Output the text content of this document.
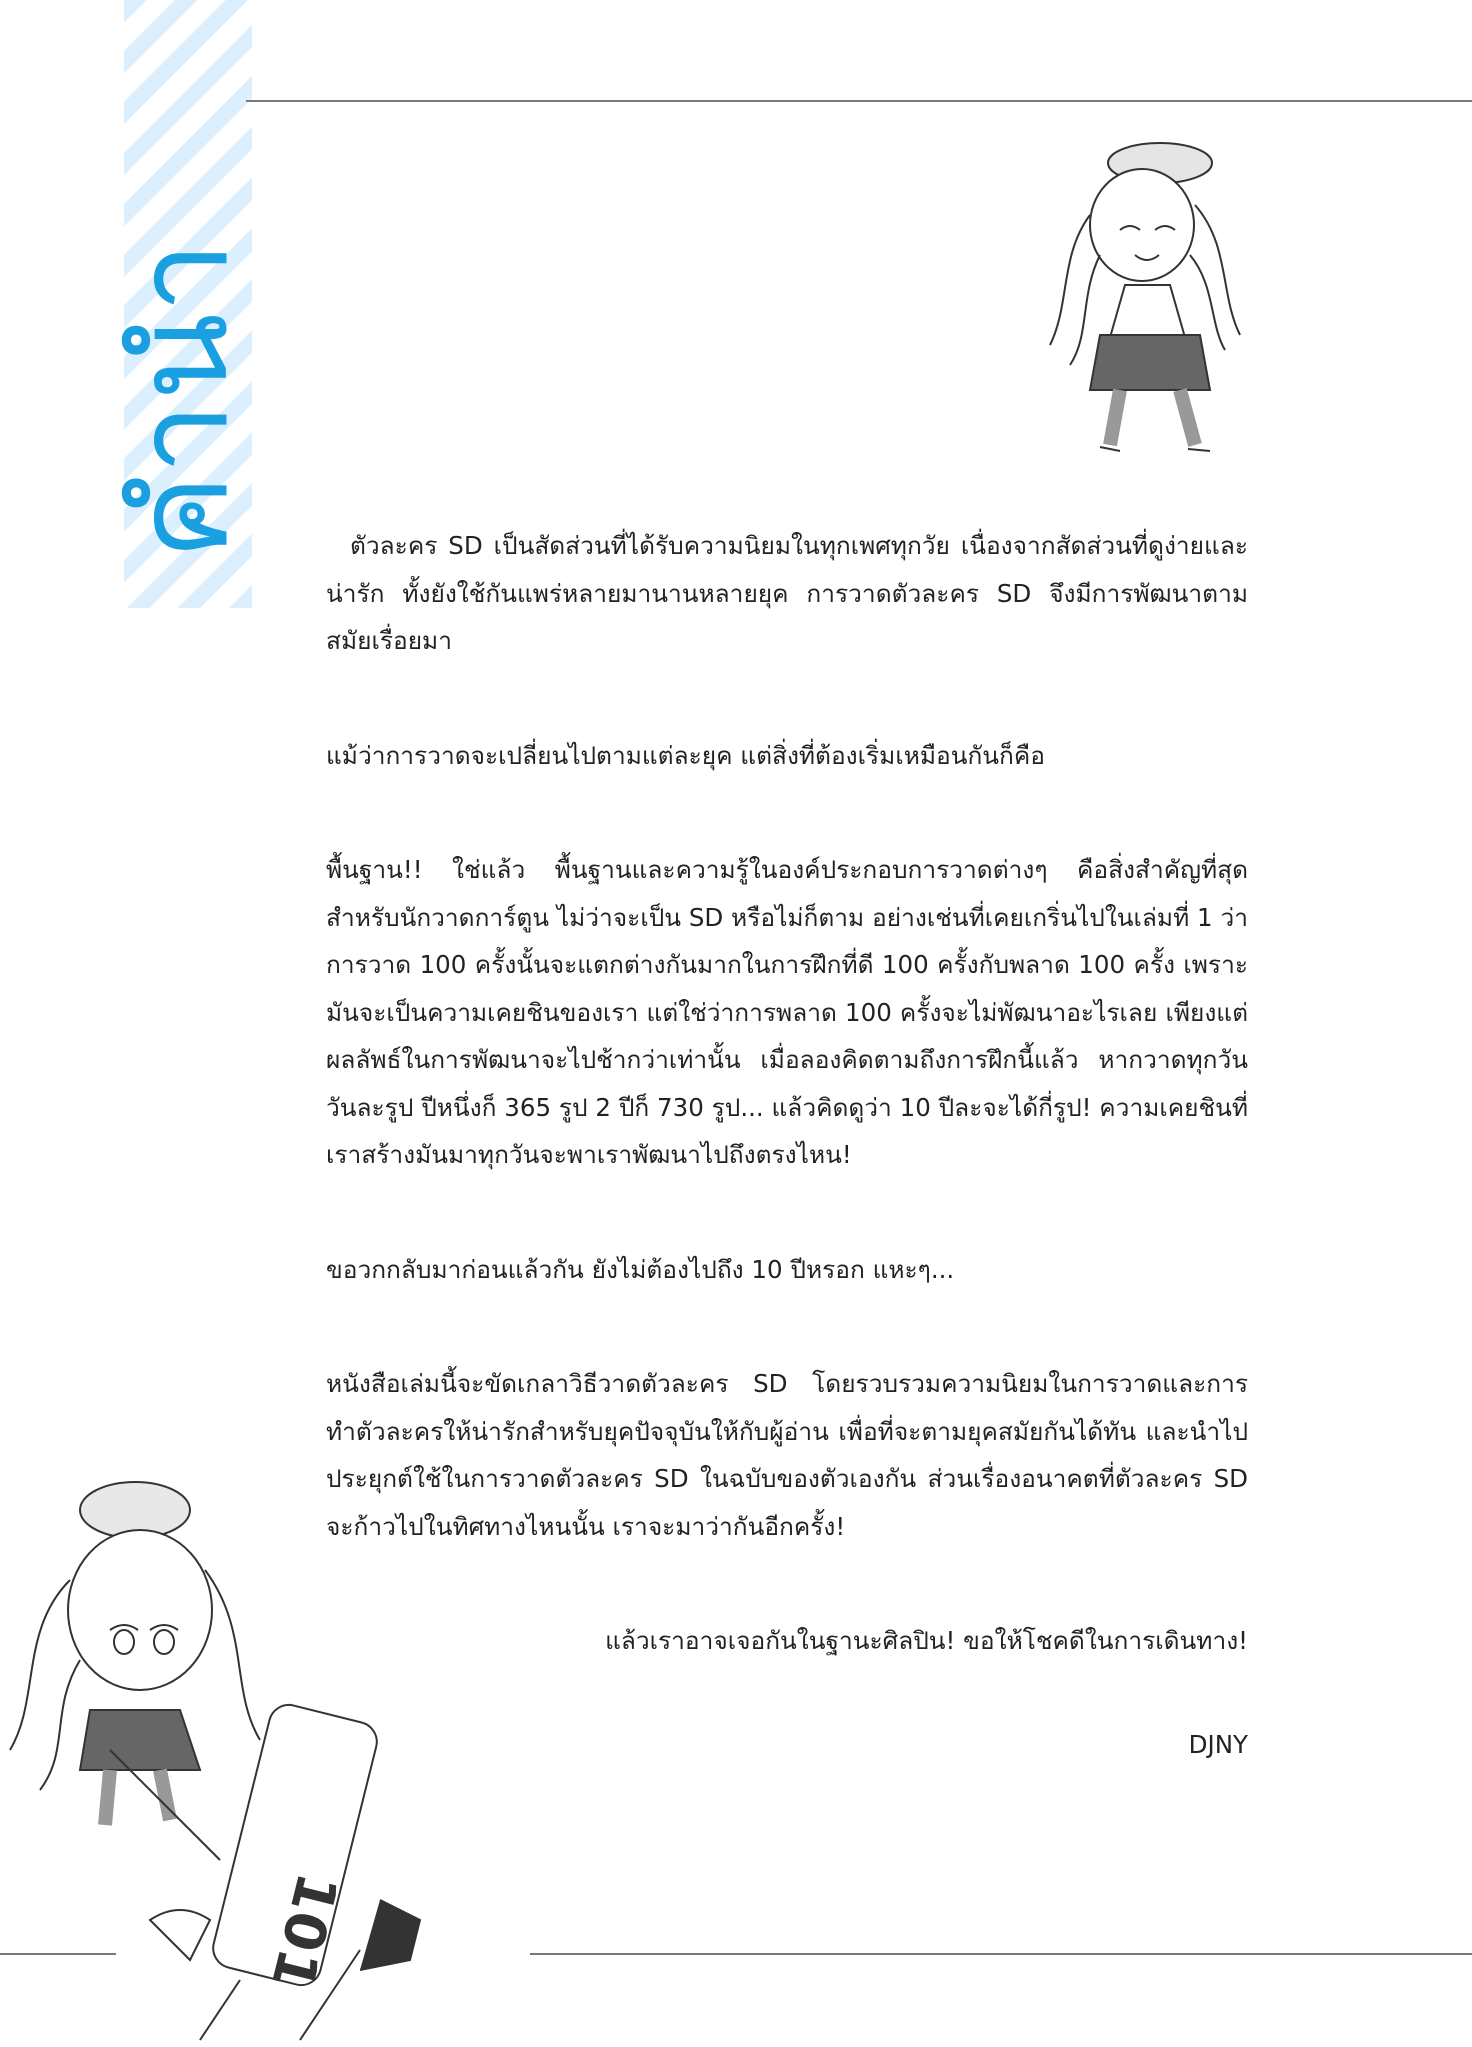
คำนำ	ตัวละคร SD เป็นสัดส่วนที่ได้รับความนิยมในทุกเพศทุกวัย เนื่องจากสัดส่วนที่ดูง่ายและน่ารัก ทั้งยังใช้กันแพร่หลายมานานหลายยุค การวาดตัวละคร SD จึงมีการพัฒนาตามสมัยเรื่อยมา

แม้ว่าการวาดจะเปลี่ยนไปตามแต่ละยุค แต่สิ่งที่ต้องเริ่มเหมือนกันก็คือ

พื้นฐาน!! ใช่แล้ว พื้นฐานและความรู้ในองค์ประกอบการวาดต่างๆ คือสิ่งสำคัญที่สุดสำหรับนักวาดการ์ตูน ไม่ว่าจะเป็น SD หรือไม่ก็ตาม อย่างเช่นที่เคยเกริ่นไปในเล่มที่ 1 ว่า การวาด 100 ครั้งนั้นจะแตกต่างกันมากในการฝึกที่ดี 100 ครั้งกับพลาด 100 ครั้ง เพราะมันจะเป็นความเคยชินของเรา แต่ใช่ว่าการพลาด 100 ครั้งจะไม่พัฒนาอะไรเลย เพียงแต่ผลลัพธ์ในการพัฒนาจะไปช้ากว่าเท่านั้น เมื่อลองคิดตามถึงการฝึกนี้แล้ว หากวาดทุกวัน วันละรูป ปีหนึ่งก็ 365 รูป 2 ปีก็ 730 รูป... แล้วคิดดูว่า 10 ปีละจะได้กี่รูป! ความเคยชินที่เราสร้างมันมาทุกวันจะพาเราพัฒนาไปถึงตรงไหน!

ขอวกกลับมาก่อนแล้วกัน ยังไม่ต้องไปถึง 10 ปีหรอก แหะๆ...

หนังสือเล่มนี้จะขัดเกลาวิธีวาดตัวละคร SD โดยรวบรวมความนิยมในการวาดและการทำตัวละครให้น่ารักสำหรับยุคปัจจุบันให้กับผู้อ่าน เพื่อที่จะตามยุคสมัยกันได้ทัน และนำไปประยุกต์ใช้ในการวาดตัวละคร SD ในฉบับของตัวเองกัน ส่วนเรื่องอนาคตที่ตัวละคร SD จะก้าวไปในทิศทางไหนนั้น เราจะมาว่ากันอีกครั้ง!

แล้วเราอาจเจอกันในฐานะศิลปิน! ขอให้โชคดีในการเดินทาง!

DJNY

101
